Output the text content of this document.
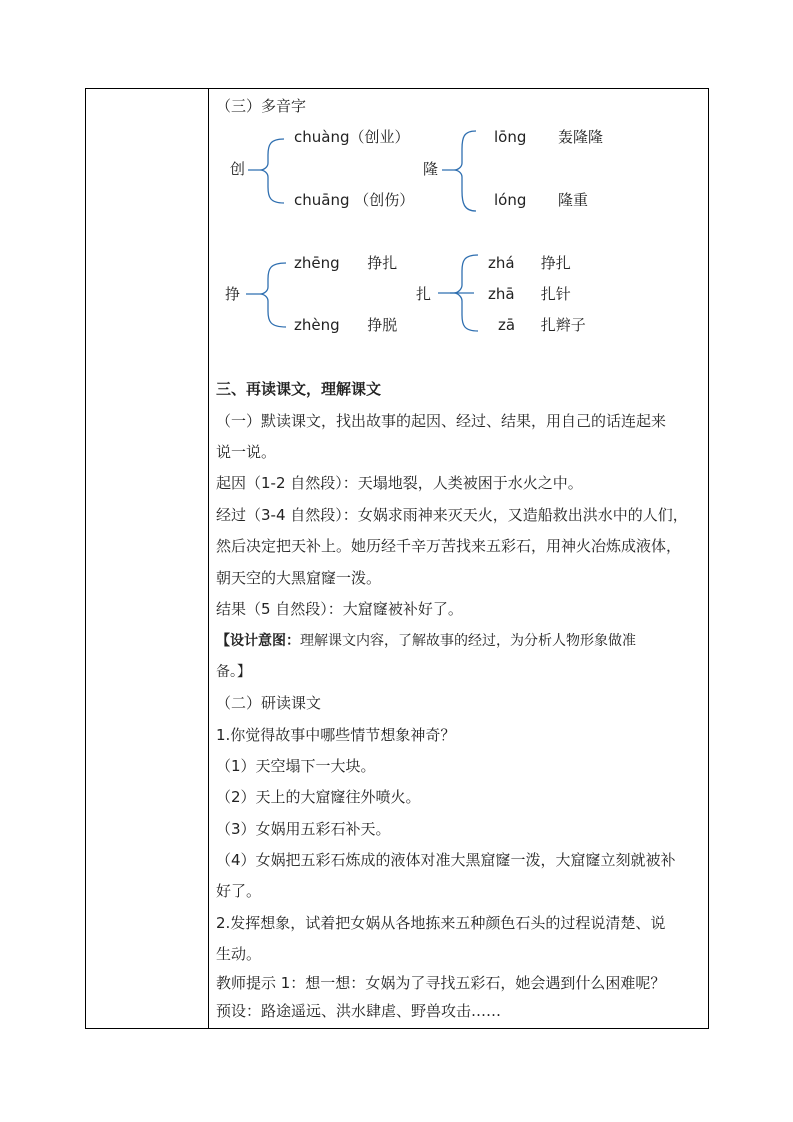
（三）多音字
创
chuàng（创业）
chuāng （创伤）
隆
lōng 轰隆隆
lóng 隆重
挣
zhēng 挣扎
zhèng 挣脱
扎
zhá 挣扎
zhā 扎针
zā 扎辫子
三、再读课文，理解课文
（一）默读课文，找出故事的起因、经过、结果，用自己的话连起来
说一说。
起因（1-2 自然段）：天塌地裂，人类被困于水火之中。
经过（3-4 自然段）：女娲求雨神来灭天火，又造船救出洪水中的人们，
然后决定把天补上。她历经千辛万苦找来五彩石，用神火冶炼成液体，
朝天空的大黑窟窿一泼。
结果（5 自然段）：大窟窿被补好了。
【设计意图：理解课文内容，了解故事的经过，为分析人物形象做准
备。】
（二）研读课文
1.你觉得故事中哪些情节想象神奇？
（1）天空塌下一大块。
（2）天上的大窟窿往外喷火。
（3）女娲用五彩石补天。
（4）女娲把五彩石炼成的液体对准大黑窟窿一泼，大窟窿立刻就被补
好了。
2.发挥想象，试着把女娲从各地拣来五种颜色石头的过程说清楚、说
生动。
教师提示 1：想一想：女娲为了寻找五彩石，她会遇到什么困难呢？
预设：路途遥远、洪水肆虐、野兽攻击……
